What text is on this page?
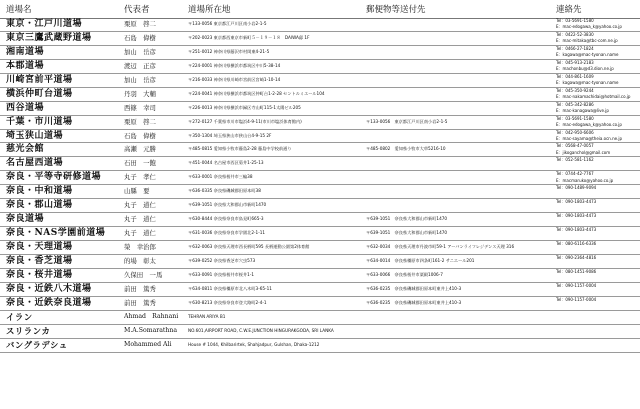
道場名	代表者	道場所在地	郵便物等送付先	連絡先
東京・江戸川道場	栗原　啓二	〒133-0056 東京都江戸川区南小岩2-1-5
Tel：03-5691-1580
E：mac-edogawa_k@yahoo.co.jp
東京三鷹武蔵野道場	石島　偉樹	〒202-0023 東京都西東京市新町５－１９－１８　DAIWA邸 1F
Tel：0422-52-3830
E：mac-mitaka@tbc-com.ne.jp
湘南道場	加山　岳彦	〒251-0012 神奈川県藤沢市村岡東4-21-5
Tel：0466-27-1824
E：kagawa@mac-tyonan.name
本郡道場	渡辺　正彦	〒224-0001 神奈川県横浜市都筑区中川5-38-14
Tel：045-913-2183
E：machonbu@d3.dion.ne.jp
川崎宮前平道場	加山　岳彦	〒216-0033 神奈川県川崎市宮前区宮崎1-10-14
Tel：044-861-1609
E：kagawa@mac-tyonan.name
横浜仲町台道場	丹羽　大輔	〒224-0041 神奈川県横浜市都筑区仲町台1-2-28 セントルミエール104
Tel：045-350-9244
E：mac-nakamachidai@hotmail.co.jp
西谷道場	西篠　幸司	〒226-0013 神奈川県横浜市緑区寺山町115-1太陽ビル205
Tel：045-342-8286
E：mac-kanagawa@live.jp
千葉・市川道場	栗原　啓二	〒272-0127 千葉県市川市塩浜4-9-11(市川市塩浜体育館内)	〒133-0056　東京都江戸川区南小岩2-1-5
Tel：03-5691-1580
E：mac-edogawa_k@yahoo.co.jp
埼玉狭山道場	石島　偉樹	〒350-1304 埼玉県狭山市狭山台4-9-15 2F
Tel：042-950-6606
E：mac-sayama@theia.ocn.ne.jp
慈光会館	高瀬　元勝	〒485-0815 愛知県小牧市藤島2-28 藤島中学校前通り	〒485-0802　愛知県小牧市大草5216-10
Tel：0568-47-0057
E：jikoganchol@gmail.com
名古屋西道場	石田　一飽	〒451-0044 名古屋市西区菊井1-25-13
Tel：052-581-1162
奈良・平等寺研修道場	丸子　孝仁	〒633-0001 奈良県桜井市三輪38
Tel：0744-42-7767
E：macmaruko@yahoo.co.jp
奈良・中和道場	山縣　要	〒636-0335 奈良県磯城郡田原本町38
Tel：090-1489-9094
奈良・郡山道場	丸子　道仁	〒639-1051 奈良県大和郡山市新町1470
Tel：090-1803-4473
奈良道場	丸子　道仁	〒630-8444 奈良県奈良市鳥見町665-3	〒639-1051　奈良県大和郡山市新町1470
Tel：090-1803-4473
奈良・NAS学園前道場	丸子　道仁	〒631-0036 奈良県奈良市学園北2-1-11	〒639-1051　奈良県大和郡山市新町1470
Tel：090-1803-4473
奈良・天理道場	榮　幸治郎	〒632-0063 奈良県天理市西長柄町595 長柄運動公園第2体育館	〒632-0034　奈良県天理市丹波市町59-1 アーバンライフレジデンス天理 316
Tel：080-6116-6336
奈良・香芝道場	的場　彰太	〒639-0252 奈良県香芝市穴虫573	〒634-0014　奈良県橿原市四条町161-2 サニエール201
Tel：090-2364-4816
奈良・桜井道場	久保田　一馬	〒633-0091 奈良県桜井市桜井1-1	〒633-0066　奈良県桜井市粟殿1006-7
Tel：080-1451-9086
奈良・近鉄八木道場	前田　篤秀	〒634-0811 奈良県橿原市北八木町3-65-11	〒636-0235　奈良県磯城郡田原本町東井上410-3
Tel：090-1157-0004
奈良・近鉄奈良道場	前田　篤秀	〒630-8213 奈良県奈良市登大路町2-4-1	〒636-0235　奈良県磯城郡田原本町東井上410-3
Tel：090-1157-0004
イラン	Ahmad　Rahnani	TEHRAN ARIYA B1
スリランカ	M.A.Somarathna	NO.601,AIRPORT ROAD, C.W.E.JUNCTION HINGURAKGODA, SRI LANKA
バングラデシュ	Mohammed Ali	House # 1044, Khilbarirtek, Shahjadpur, Gulshan, Dhaka-1212
